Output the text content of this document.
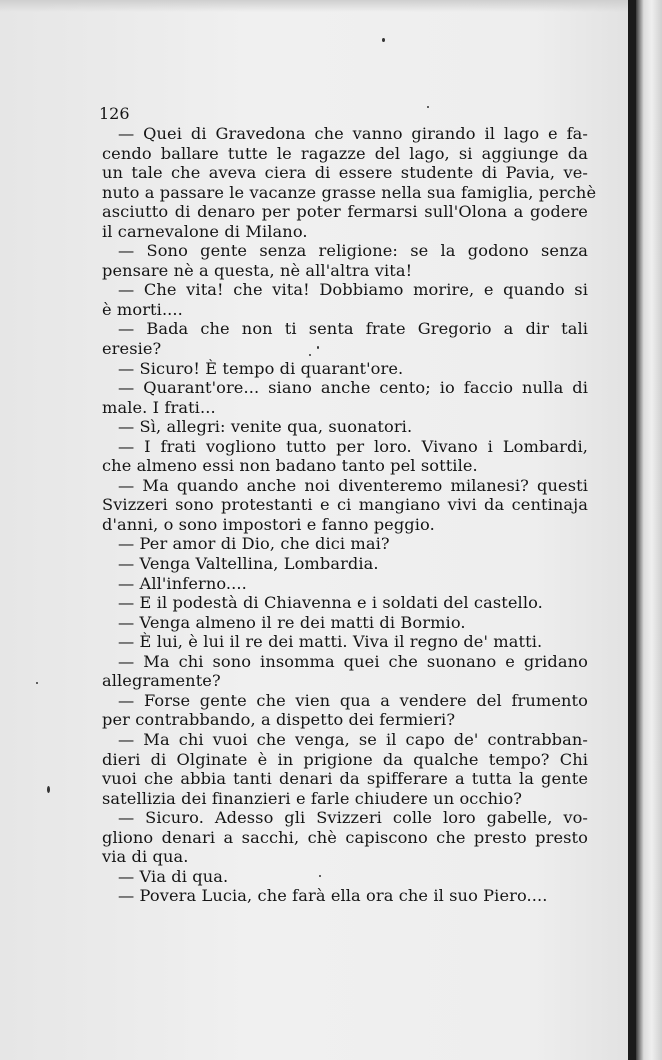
126
— Quei di Gravedona che vanno girando il lago e fa-
cendo ballare tutte le ragazze del lago, si aggiunge da
un tale che aveva ciera di essere studente di Pavia, ve-
nuto a passare le vacanze grasse nella sua famiglia, perchè
asciutto di denaro per poter fermarsi sull'Olona a godere
il carnevalone di Milano.
— Sono gente senza religione: se la godono senza
pensare nè a questa, nè all'altra vita!
— Che vita! che vita! Dobbiamo morire, e quando si
è morti....
— Bada che non ti senta frate Gregorio a dir tali
eresie?
— Sicuro! È tempo di quarant'ore.
— Quarant'ore... siano anche cento; io faccio nulla di
male. I frati...
— Sì, allegri: venite qua, suonatori.
— I frati vogliono tutto per loro. Vivano i Lombardi,
che almeno essi non badano tanto pel sottile.
— Ma quando anche noi diventeremo milanesi? questi
Svizzeri sono protestanti e ci mangiano vivi da centinaja
d'anni, o sono impostori e fanno peggio.
— Per amor di Dio, che dici mai?
— Venga Valtellina, Lombardia.
— All'inferno....
— E il podestà di Chiavenna e i soldati del castello.
— Venga almeno il re dei matti di Bormio.
— È lui, è lui il re dei matti. Viva il regno de' matti.
— Ma chi sono insomma quei che suonano e gridano
allegramente?
— Forse gente che vien qua a vendere del frumento
per contrabbando, a dispetto dei fermieri?
— Ma chi vuoi che venga, se il capo de' contrabban-
dieri di Olginate è in prigione da qualche tempo? Chi
vuoi che abbia tanti denari da spifferare a tutta la gente
satellizia dei finanzieri e farle chiudere un occhio?
— Sicuro. Adesso gli Svizzeri colle loro gabelle, vo-
gliono denari a sacchi, chè capiscono che presto presto
via di qua.
— Via di qua.
— Povera Lucia, che farà ella ora che il suo Piero....
